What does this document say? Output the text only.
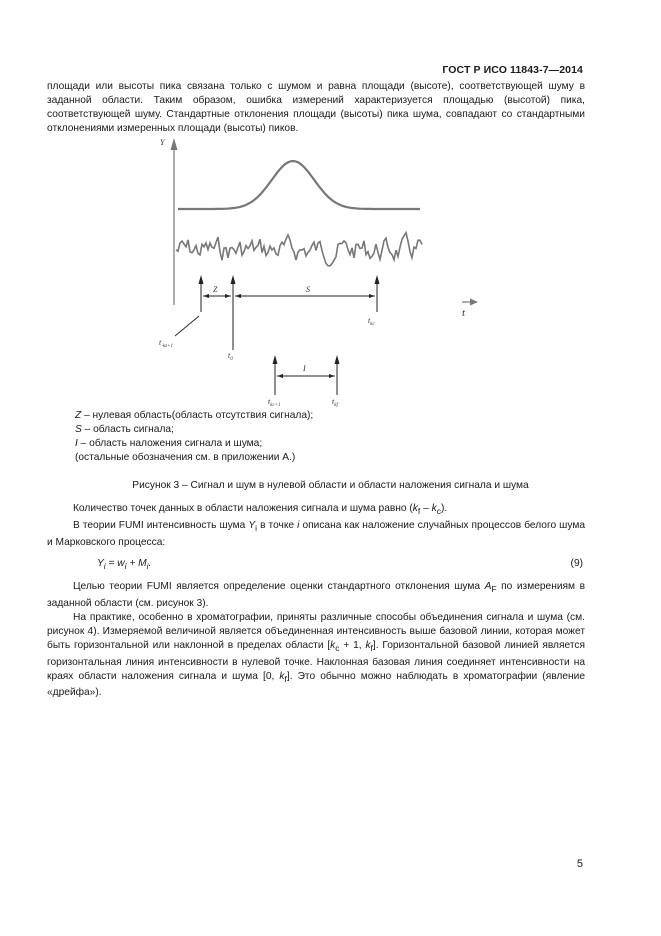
ГОСТ Р ИСО 11843-7—2014

площади или высоты пика связана только с шумом и равна площади (высоте), соответствующей шуму в заданной области. Таким образом, ошибка измерений характеризуется площадью (высотой) пика, соответствующей шуму. Стандартные отклонения площади (высоты) пика шума, совпадают со стандартными отклонениями измеренных площади (высоты) пиков.

Y
t
Z	S
$t_{-kz+1}$
$t_0$
$t_{kc}$
I
$t_{kc+1}$	$t_{kf}$
Z – нулевая область(область отсутствия сигнала);
S – область сигнала;
I – область наложения сигнала и шума;
(остальные обозначения см. в приложении А.)
Рисунок 3 – Сигнал и шум в нулевой области и области наложения сигнала и шума

Количество точек данных в области наложения сигнала и шума равно $(k_f - k_c)$.

В теории FUMI интенсивность шума $Y_i$ в точке i описана как наложение случайных процессов белого шума и Марковского процесса:

$Y_i = w_i + M_i$.	(9)

Целью теории FUMI является определение оценки стандартного отклонения шума $A_F$ по измерениям в заданной области (см. рисунок 3).

На практике, особенно в хроматографии, приняты различные способы объединения сигнала и шума (см. рисунок 4). Измеряемой величиной является объединенная интенсивность выше базовой линии, которая может быть горизонтальной или наклонной в пределах области [$k_c + 1$, $k_f$]. Горизонтальной базовой линией является горизонтальная линия интенсивности в нулевой точке. Наклонная базовая линия соединяет интенсивности на краях области наложения сигнала и шума [0, $k_f$]. Это обычно можно наблюдать в хроматографии (явление «дрейфа»).

5
